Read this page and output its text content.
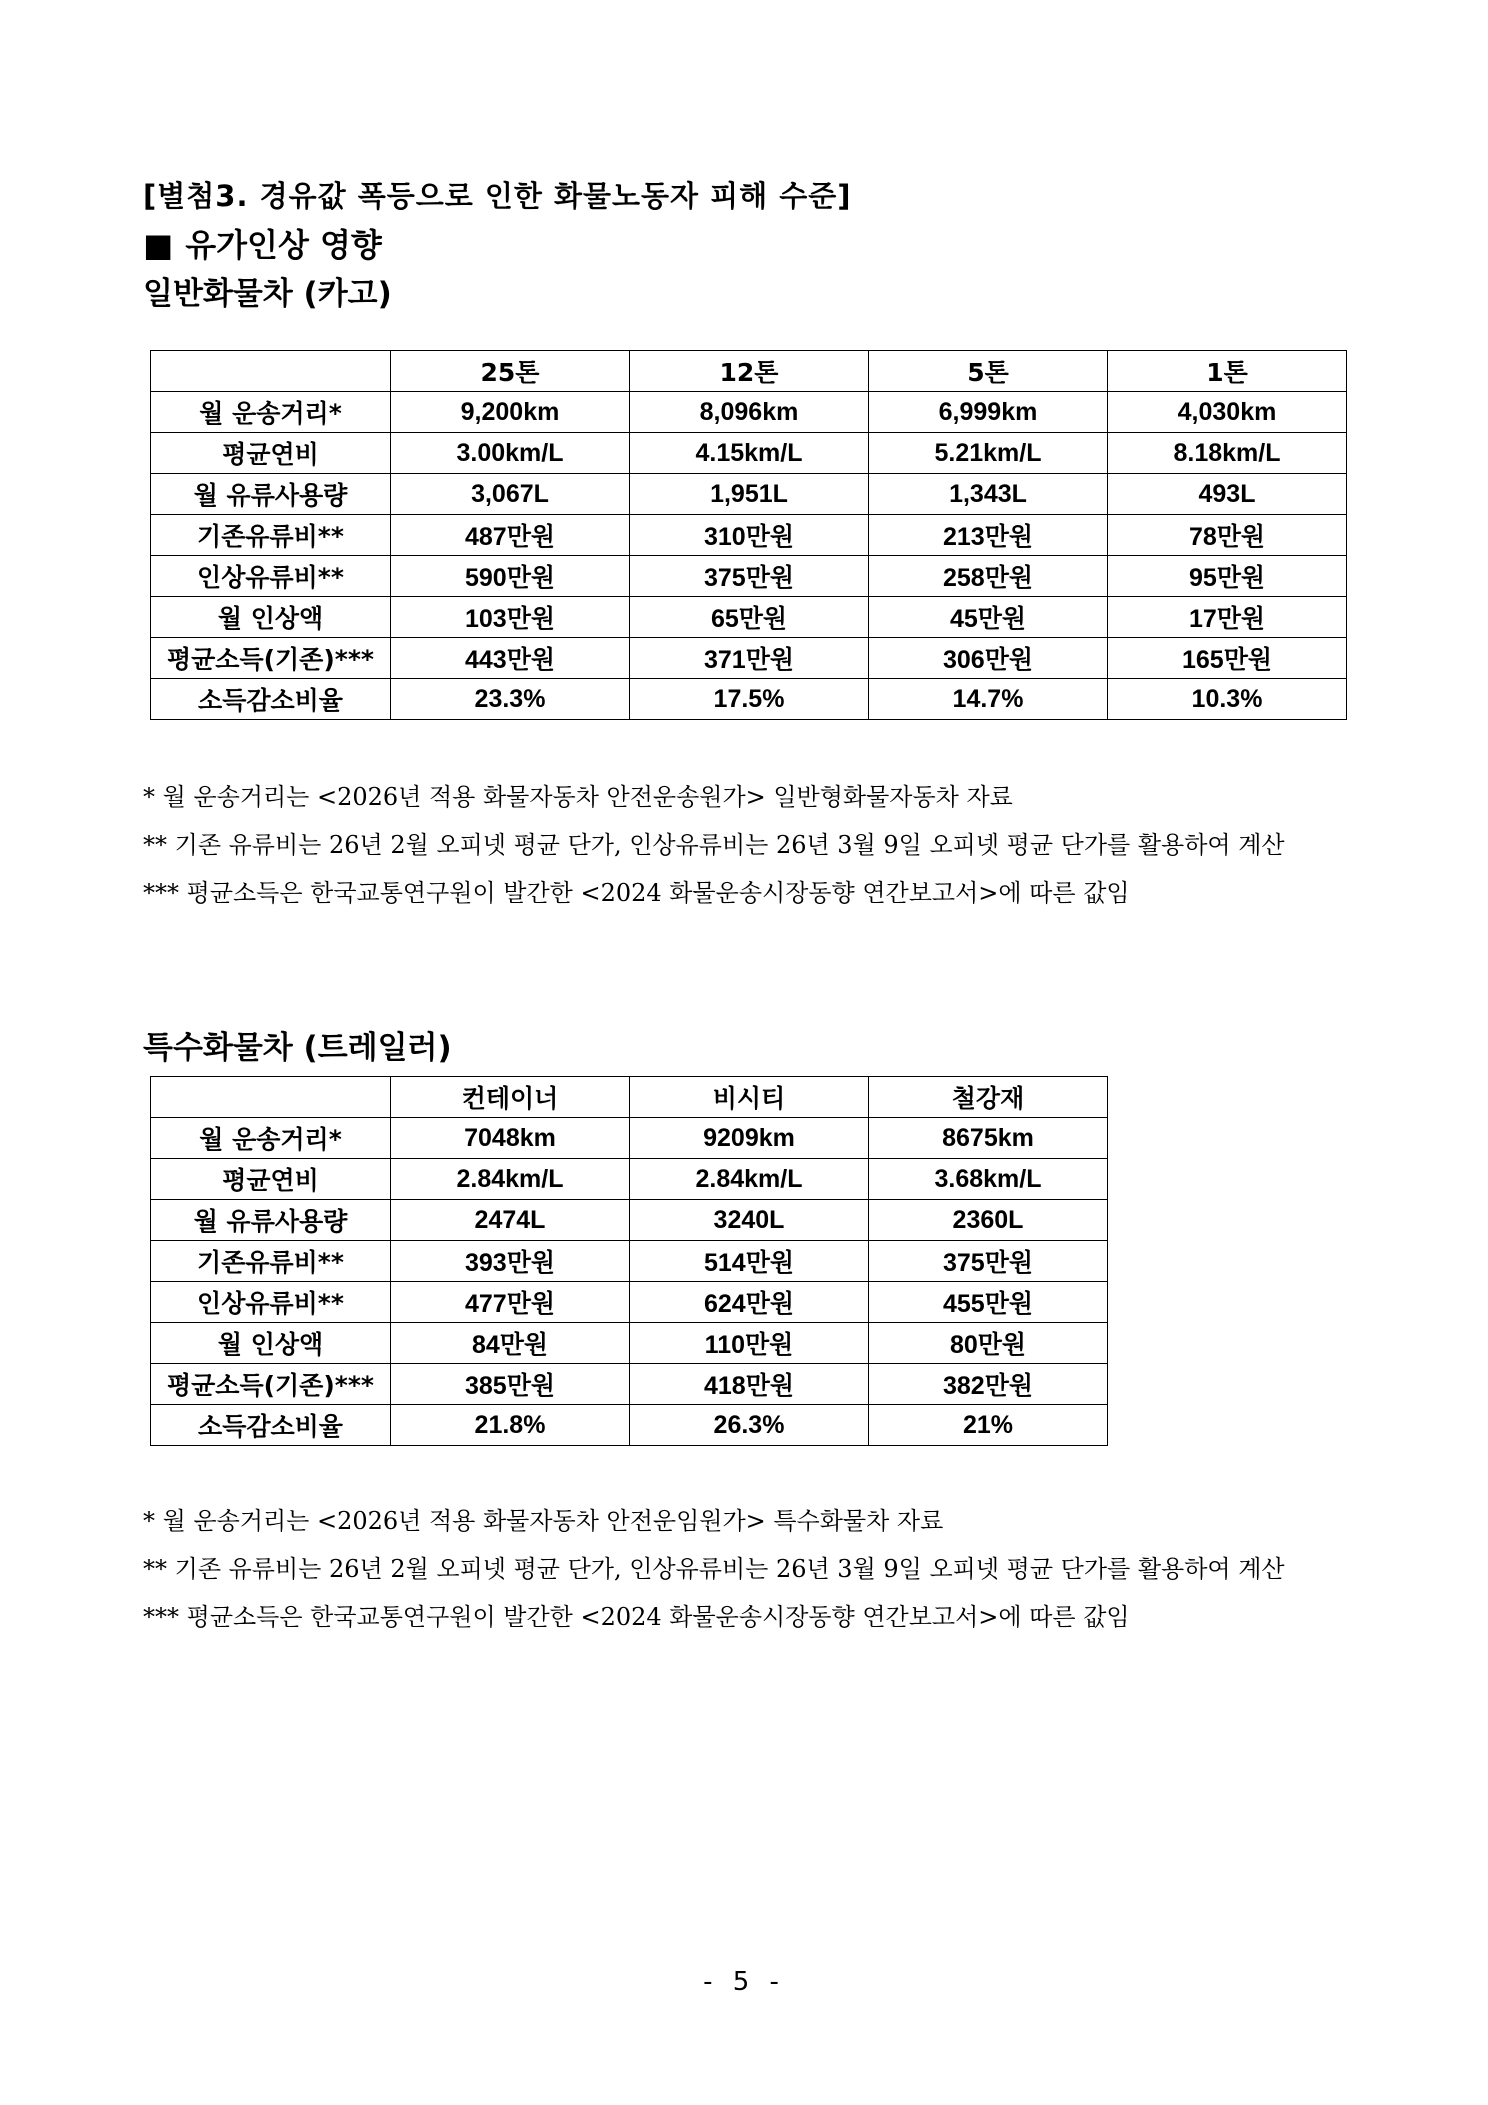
[별첨3. 경유값 폭등으로 인한 화물노동자 피해 수준]
■ 유가인상 영향
일반화물차 (카고)
	25톤	12톤	5톤	1톤
월 운송거리*	9,200km	8,096km	6,999km	4,030km
평균연비	3.00km/L	4.15km/L	5.21km/L	8.18km/L
월 유류사용량	3,067L	1,951L	1,343L	493L
기존유류비**	487만원	310만원	213만원	78만원
인상유류비**	590만원	375만원	258만원	95만원
월 인상액	103만원	65만원	45만원	17만원
평균소득(기존)***	443만원	371만원	306만원	165만원
소득감소비율	23.3%	17.5%	14.7%	10.3%

* 월 운송거리는 <2026년 적용 화물자동차 안전운송원가> 일반형화물자동차 자료

** 기존 유류비는 26년 2월 오피넷 평균 단가, 인상유류비는 26년 3월 9일 오피넷 평균 단가를 활용하여 계산

*** 평균소득은 한국교통연구원이 발간한 <2024 화물운송시장동향 연간보고서>에 따른 값임

특수화물차 (트레일러)
	컨테이너	비시티	철강재
월 운송거리*	7048km	9209km	8675km
평균연비	2.84km/L	2.84km/L	3.68km/L
월 유류사용량	2474L	3240L	2360L
기존유류비**	393만원	514만원	375만원
인상유류비**	477만원	624만원	455만원
월 인상액	84만원	110만원	80만원
평균소득(기존)***	385만원	418만원	382만원
소득감소비율	21.8%	26.3%	21%

* 월 운송거리는 <2026년 적용 화물자동차 안전운임원가> 특수화물차 자료

** 기존 유류비는 26년 2월 오피넷 평균 단가, 인상유류비는 26년 3월 9일 오피넷 평균 단가를 활용하여 계산

*** 평균소득은 한국교통연구원이 발간한 <2024 화물운송시장동향 연간보고서>에 따른 값임

- 5 -
